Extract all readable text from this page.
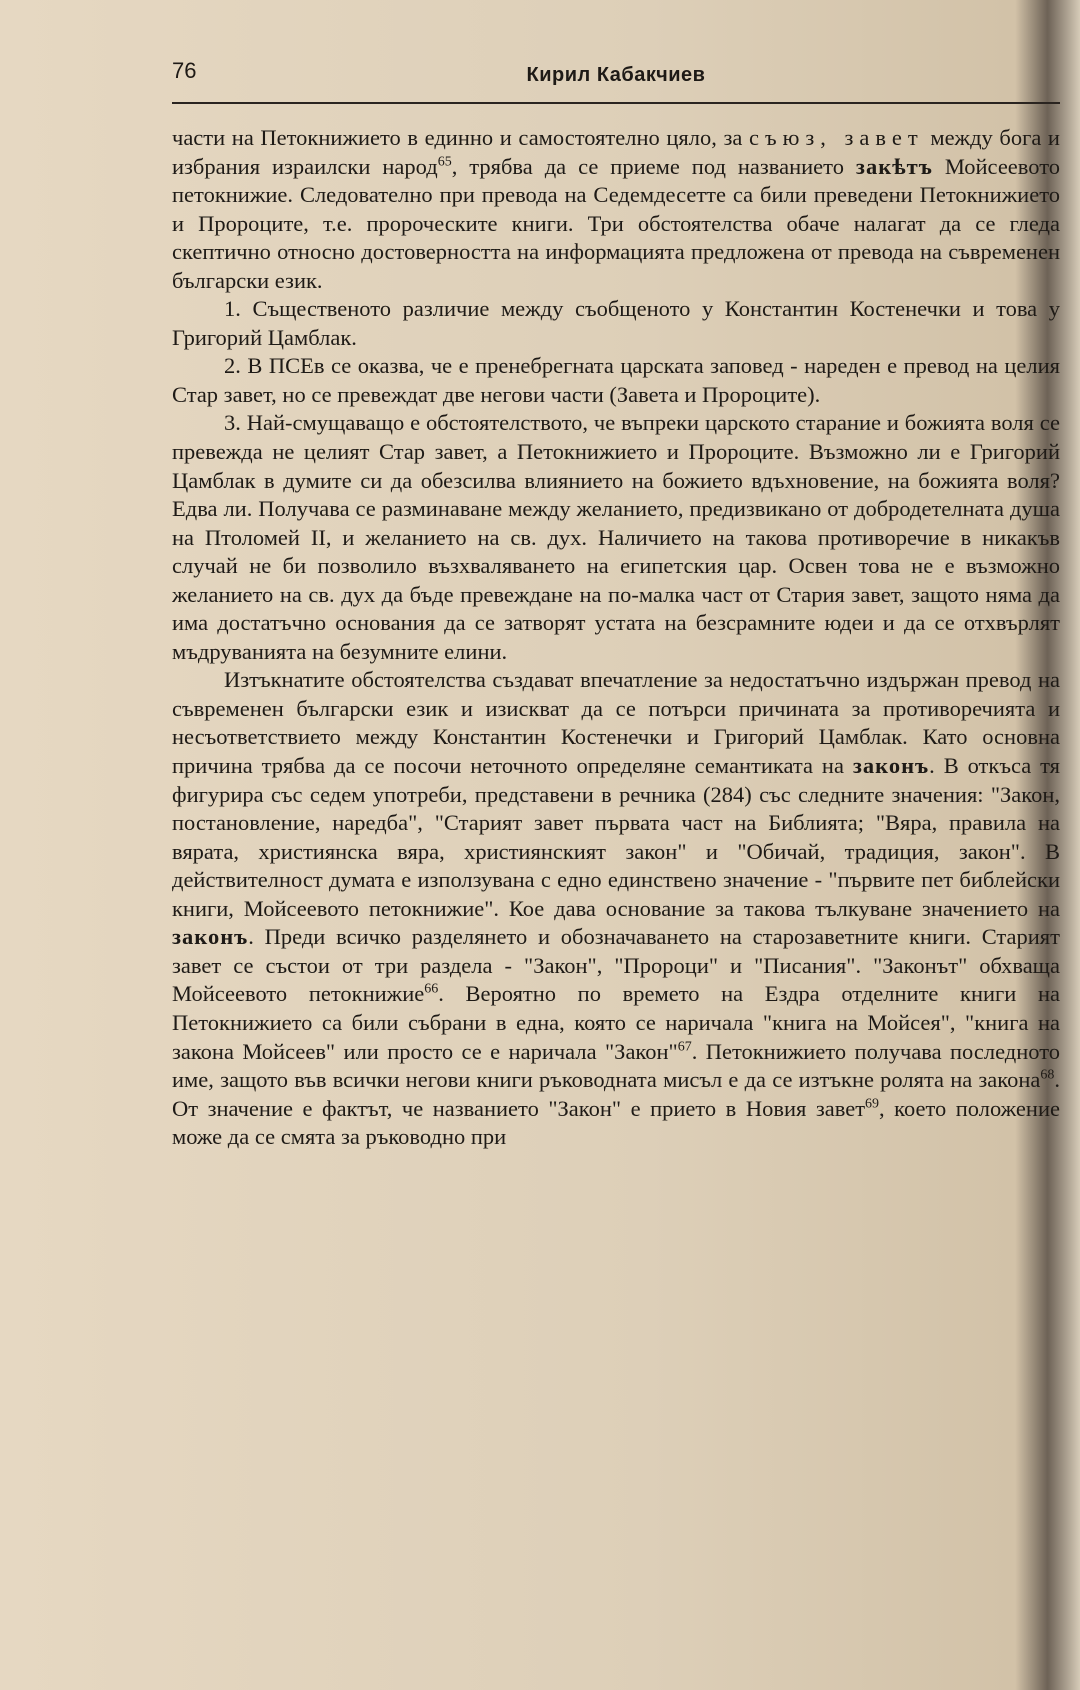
76	Кирил Кабакчиев

части на Петокнижието в единно и самостоятелно цяло, за съюз, завет между бога и избрания израилски народ$^{65}$, трябва да се приеме под названието закѣтъ Мойсеевото петокнижие. Следователно при превода на Седемдесетте са били преведени Петокнижието и Пророците, т.е. пророческите книги. Три обстоятелства обаче налагат да се гледа скептично относно достоверността на информацията предложена от превода на съвременен български език.

1. Същественото различие между съобщеното у Константин Костенечки и това у Григорий Цамблак.

2. В ПСЕв се оказва, че е пренебрегната царската заповед - нареден е превод на целия Стар завет, но се превеждат две негови части (Завета и Пророците).

3. Най-смущаващо е обстоятелството, че въпреки царското старание и божията воля се превежда не целият Стар завет, а Петокнижието и Пророците. Възможно ли е Григорий Цамблак в думите си да обезсилва влиянието на божието вдъхновение, на божията воля? Едва ли. Получава се разминаване между желанието, предизвикано от добродетелната душа на Птоломей II, и желанието на св. дух. Наличието на такова противоречие в никакъв случай не би позволило възхваляването на египетския цар. Освен това не е възможно желанието на св. дух да бъде превеждане на по-малка част от Стария завет, защото няма да има достатъчно основания да се затворят устата на безсрамните юдеи и да се отхвърлят мъдруванията на безумните елини.

Изтъкнатите обстоятелства създават впечатление за недостатъчно издържан превод на съвременен български език и изискват да се потърси причината за противоречията и несъответствието между Константин Костенечки и Григорий Цамблак. Като основна причина трябва да се посочи неточното определяне семантиката на законъ. В откъса тя фигурира със седем употреби, представени в речника (284) със следните значения: "Закон, постановление, наредба", "Старият завет първата част на Библията; "Вяра, правила на вярата, християнска вяра, християнският закон" и "Обичай, традиция, закон". В действителност думата е използувана с едно единствено значение - "първите пет библейски книги, Мойсеевото петокнижие". Кое дава основание за такова тълкуване значението на законъ. Преди всичко разделянето и обозначаването на старозаветните книги. Старият завет се състои от три раздела - "Закон", "Пророци" и "Писания". "Законът" обхваща Мойсеевото петокнижие$^{66}$. Вероятно по времето на Ездра отделните книги на Петокнижието са били събрани в една, която се наричала "книга на Мойсея", "книга на закона Мойсеев" или просто се е наричала "Закон"$^{67}$. Петокнижието получава последното име, защото във всички негови книги ръководната мисъл е да се изтъкне ролята на закона$^{68}$. От значение е фактът, че названието "Закон" е прието в Новия завет$^{69}$, което положение може да се смята за ръководно при
